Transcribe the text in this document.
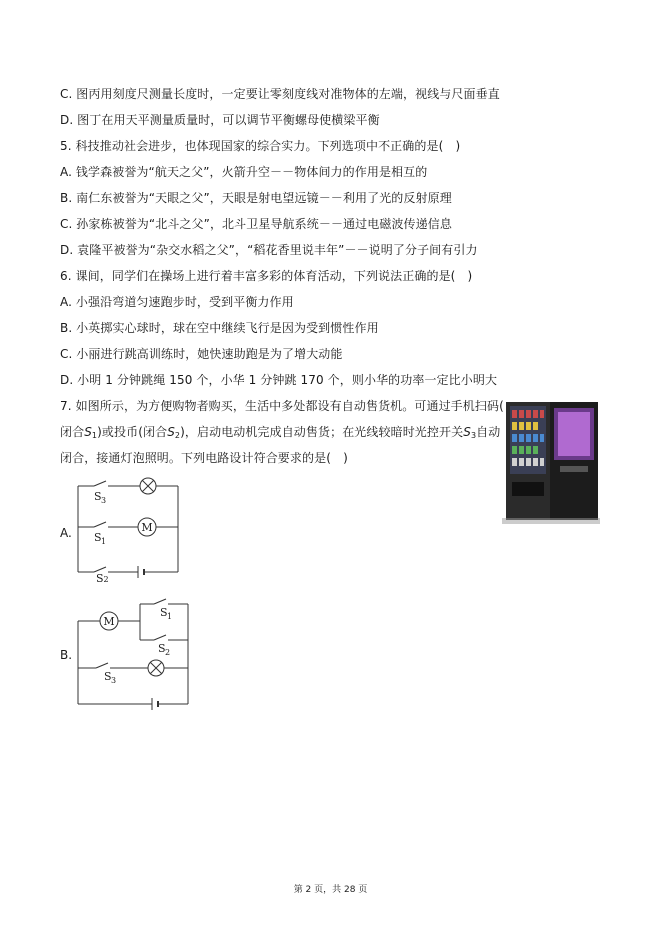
C. 图丙用刻度尺测量长度时，一定要让零刻度线对准物体的左端，视线与尺面垂直
D. 图丁在用天平测量质量时，可以调节平衡螺母使横梁平衡
5. 科技推动社会进步，也体现国家的综合实力。下列选项中不正确的是(　)
A. 钱学森被誉为“航天之父”，火箭升空－－物体间力的作用是相互的
B. 南仁东被誉为“天眼之父”，天眼是射电望远镜－－利用了光的反射原理
C. 孙家栋被誉为“北斗之父”，北斗卫星导航系统－－通过电磁波传递信息
D. 袁隆平被誉为“杂交水稻之父”，“稻花香里说丰年”－－说明了分子间有引力
6. 课间，同学们在操场上进行着丰富多彩的体育活动，下列说法正确的是(　)
A. 小强沿弯道匀速跑步时，受到平衡力作用
B. 小英掷实心球时，球在空中继续飞行是因为受到惯性作用
C. 小丽进行跳高训练时，她快速助跑是为了增大动能
D. 小明 1 分钟跳绳 150 个，小华 1 分钟跳 170 个，则小华的功率一定比小明大
7. 如图所示，为方便购物者购买，生活中多处都设有自动售货机。可通过手机扫码(
闭合$S_1$)或投币(闭合$S_2$)，启动电动机完成自动售货；在光线较暗时光控开关$S_3$自动
闭合，接通灯泡照明。下列电路设计符合要求的是(　)
A.	M
S 3
S 1
S2
B.
M
S 1
S 2
S 3
第 2 页，共 28 页
